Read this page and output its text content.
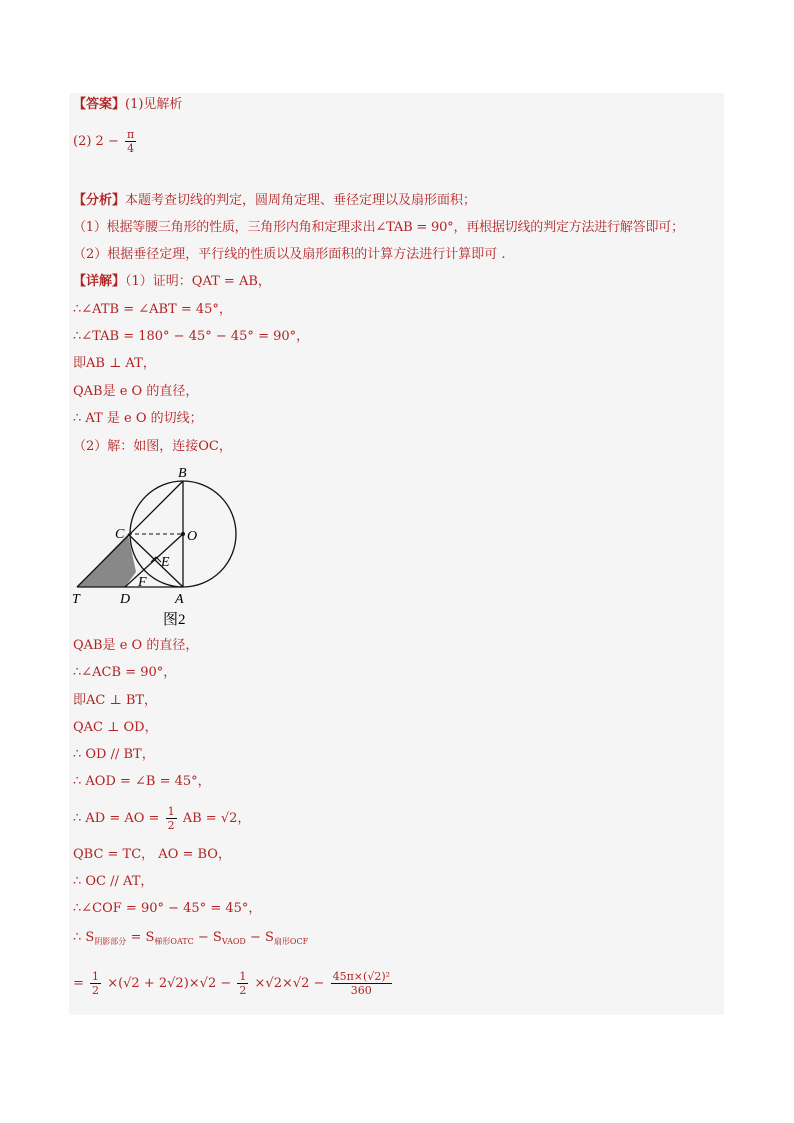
【答案】(1)见解析
(2) $2 - \frac{\pi}{4}$
【分析】本题考查切线的判定，圆周角定理、垂径定理以及扇形面积；
（1）根据等腰三角形的性质，三角形内角和定理求出∠TAB = 90°，再根据切线的判定方法进行解答即可；
（2）根据垂径定理，平行线的性质以及扇形面积的计算方法进行计算即可 .
【详解】（1）证明：QAT = AB，
∴∠ATB = ∠ABT = 45°，
∴∠TAB = 180° − 45° − 45° = 90°，
即AB ⊥ AT，
QAB是 e O 的直径，
∴ AT 是 e O 的切线；
（2）解：如图，连接OC，
B
C	O
E
F
T	D	A
图2
QAB是 e O 的直径，
∴∠ACB = 90°，
即AC ⊥ BT，
QAC ⊥ OD，
∴ OD // BT，
∴ AOD = ∠B = 45°，
∴ AD = AO = $\frac{1}{2}$ AB = √2，
QBC = TC， AO = BO，
∴ OC // AT，
∴∠COF = 90° − 45° = 45°，
∴ $S_{阴影部分} = S_{梯形OATC} - S_{VAOD} - S_{扇形OCF}$
= $\frac{1}{2} \times(√2 + 2√2)\times√2 - \frac{1}{2} \times√2\times√2 - \frac{\text{45π×(√2)²}}{360}$
